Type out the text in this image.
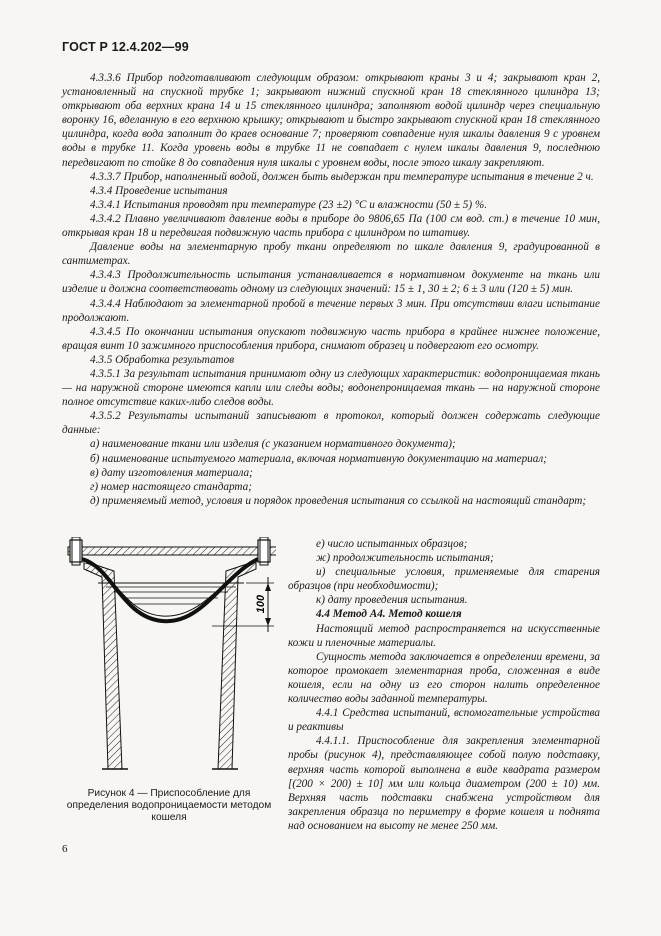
ГОСТ Р 12.4.202—99

4.3.3.6 Прибор подготавливают следующим образом: открывают краны 3 и 4; закрывают кран 2, установленный на спускной трубке 1; закрывают нижний спускной кран 18 стеклянного цилиндра 13; открывают оба верхних крана 14 и 15 стеклянного цилиндра; заполняют водой цилиндр через специальную воронку 16, вделанную в его верхнюю крышку; открывают и быстро закрывают спускной кран 18 стеклянного цилиндра, когда вода заполнит до краев основание 7; проверяют совпадение нуля шкалы давления 9 с уровнем воды в трубке 11. Когда уровень воды в трубке 11 не совпадает с нулем шкалы давления 9, последнюю передвигают по стойке 8 до совпадения нуля шкалы с уровнем воды, после этого шкалу закрепляют.

4.3.3.7 Прибор, наполненный водой, должен быть выдержан при температуре испытания в течение 2 ч.

4.3.4 Проведение испытания

4.3.4.1 Испытания проводят при температуре (23 ±2) °С и влажности (50 ± 5) %.

4.3.4.2 Плавно увеличивают давление воды в приборе до 9806,65 Па (100 см вод. ст.) в течение 10 мин, открывая кран 18 и передвигая подвижную часть прибора с цилиндром по штативу.

Давление воды на элементарную пробу ткани определяют по шкале давления 9, градуированной в сантиметрах.

4.3.4.3 Продолжительность испытания устанавливается в нормативном документе на ткань или изделие и должна соответствовать одному из следующих значений: 15 ± 1, 30 ± 2; 6 ± 3 или (120 ± 5) мин.

4.3.4.4 Наблюдают за элементарной пробой в течение первых 3 мин. При отсутствии влаги испытание продолжают.

4.3.4.5 По окончании испытания опускают подвижную часть прибора в крайнее нижнее положение, вращая винт 10 зажимного приспособления прибора, снимают образец и подвергают его осмотру.

4.3.5 Обработка результатов

4.3.5.1 За результат испытания принимают одну из следующих характеристик: водопроницаемая ткань — на наружной стороне имеются капли или следы воды; водонепроницаемая ткань — на наружной стороне полное отсутствие каких-либо следов воды.

4.3.5.2 Результаты испытаний записывают в протокол, который должен содержать следующие данные:

а) наименование ткани или изделия (с указанием нормативного документа);

б) наименование испытуемого материала, включая нормативную документацию на материал;

в) дату изготовления материала;

г) номер настоящего стандарта;

д) применяемый метод, условия и порядок проведения испытания со ссылкой на настоящий стандарт;

100
Рисунок 4 — Приспособление для определения водопроницаемости методом кошеля

е) число испытанных образцов;

ж) продолжительность испытания;

и) специальные условия, применяемые для старения образцов (при необходимости);

к) дату проведения испытания.

4.4 Метод А4. Метод кошеля

Настоящий метод распространяется на искусственные кожи и пленочные материалы.

Сущность метода заключается в определении времени, за которое промокает элементарная проба, сложенная в виде кошеля, если на одну из его сторон налить определенное количество воды заданной температуры.

4.4.1 Средства испытаний, вспомогательные устройства и реактивы

4.4.1.1. Приспособление для закрепления элементарной пробы (рисунок 4), представляющее собой полую подставку, верхняя часть которой выполнена в виде квадрата размером [(200 × 200) ± 10] мм или кольца диаметром (200 ± 10) мм. Верхняя часть подставки снабжена устройством для закрепления образца по периметру в форме кошеля и поднята над основанием на высоту не менее 250 мм.

6
